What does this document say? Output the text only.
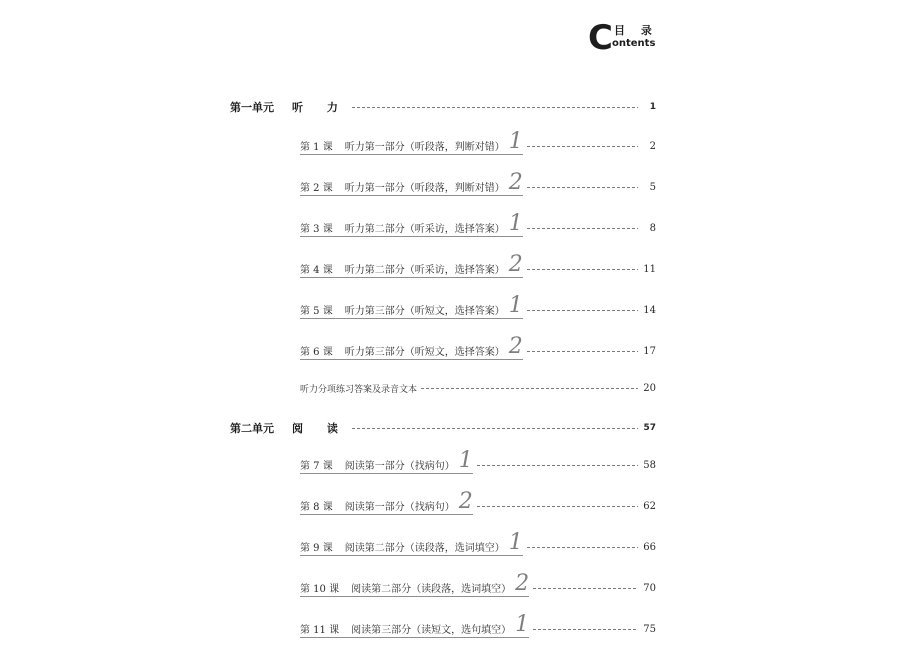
C 目 录
ontents
第一单元 听 力	1
第 1 课 听力第一部分（听段落，判断对错） 1	2
第 2 课 听力第一部分（听段落，判断对错） 2	5
第 3 课 听力第二部分（听采访，选择答案） 1	8
第 4 课 听力第二部分（听采访，选择答案） 2	11
第 5 课 听力第三部分（听短文，选择答案） 1	14
第 6 课 听力第三部分（听短文，选择答案） 2	17
听力分项练习答案及录音文本	20
第二单元 阅 读	57
第 7 课 阅读第一部分（找病句） 1	58
第 8 课 阅读第一部分（找病句） 2	62
第 9 课 阅读第二部分（读段落，选词填空） 1	66
第 10 课 阅读第二部分（读段落，选词填空） 2	70
第 11 课 阅读第三部分（读短文，选句填空） 1	75
